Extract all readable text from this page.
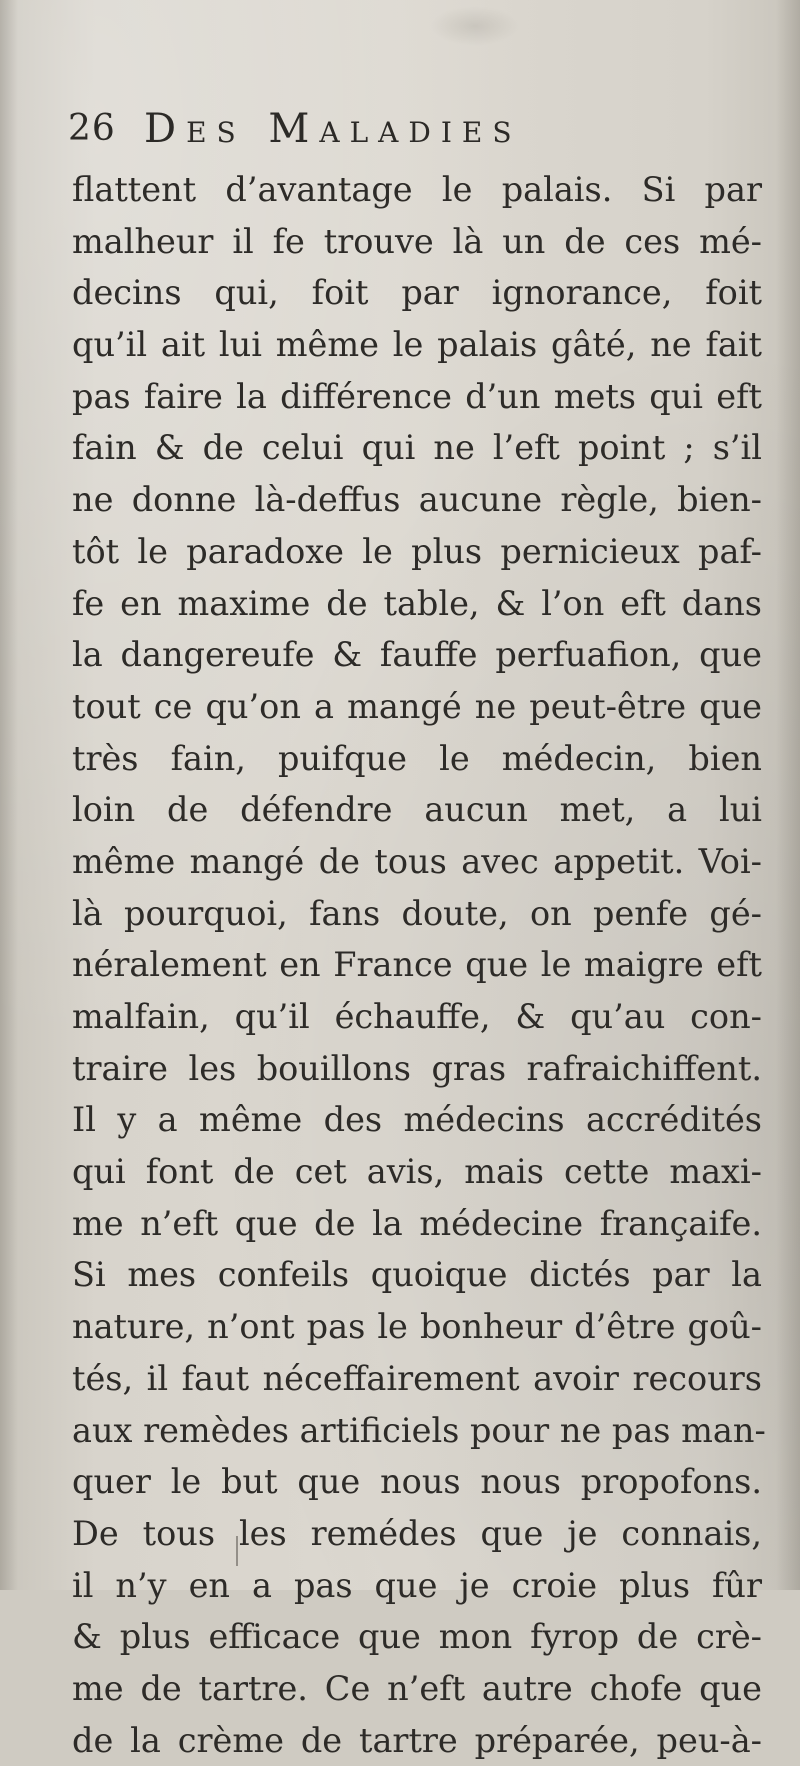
26 Des Maladies
flattent d’avantage le palais. Si par
malheur il fe trouve là un de ces mé-
decins qui, foit par ignorance, foit
qu’il ait lui même le palais gâté, ne fait
pas faire la différence d’un mets qui eft
fain & de celui qui ne l’eft point ; s’il
ne donne là-deffus aucune règle, bien-
tôt le paradoxe le plus pernicieux paf-
fe en maxime de table, & l’on eft dans
la dangereufe & fauffe perfuafion, que
tout ce qu’on a mangé ne peut-être que
très fain, puifque le médecin, bien
loin de défendre aucun met, a lui
même mangé de tous avec appetit. Voi-
là pourquoi, fans doute, on penfe gé-
néralement en France que le maigre eft
malfain, qu’il échauffe, & qu’au con-
traire les bouillons gras rafraichiffent.
Il y a même des médecins accrédités
qui font de cet avis, mais cette maxi-
me n’eft que de la médecine françaife.
Si mes confeils quoique dictés par la
nature, n’ont pas le bonheur d’être goû-
tés, il faut néceffairement avoir recours
aux remèdes artificiels pour ne pas man-
quer le but que nous nous propofons.
De tous les remédes que je connais,
il n’y en a pas que je croie plus fûr
& plus efficace que mon fyrop de crè-
me de tartre. Ce n’eft autre chofe que
de la crème de tartre préparée, peu-à-
